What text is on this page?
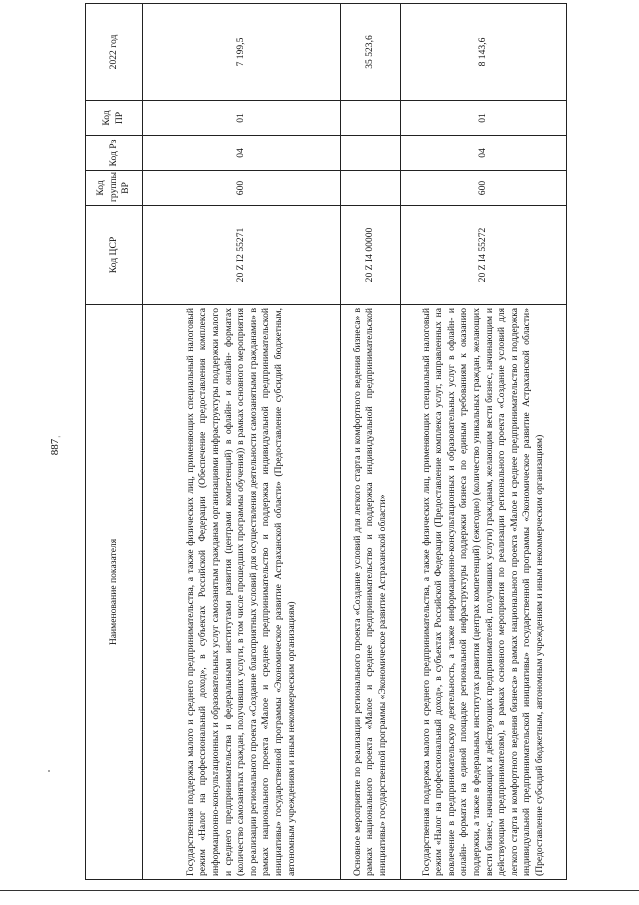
887
-
Наименование показателя	Код ЦСР	Код группы ВР	Код Рз	Код ПР	2022 год
Государственная поддержка малого и среднего предпринимательства, а также физических лиц, применяющих специальный налоговый режим «Налог на профессиональный доход», в субъектах Российской Федерации (Обеспечение предоставления комплекса информационно-консультационных и образовательных услуг самозанятым гражданам организациями инфраструктуры поддержки малого и среднего предпринимательства и федеральными институтами развития (центрами компетенций) в офлайн- и онлайн- форматах (количество самозанятых граждан, получивших услуги, в том числе прошедших программы обучения)) в рамках основного мероприятия по реализации регионального проекта «Создание благоприятных условий для осуществления деятельности самозанятыми гражданами» в рамках национального проекта «Малое и среднее предпринимательство и поддержка индивидуальной предпринимательской инициативы» государственной программы «Экономическое развитие Астраханской области» (Предоставление субсидий бюджетным, автономным учреждениям и иным некоммерческим организациям)	20 Z I2 55271	600	04	01	7 199,5
Основное мероприятие по реализации регионального проекта «Создание условий для легкого старта и комфортного ведения бизнеса» в рамках национального проекта «Малое и среднее предпринимательство и поддержка индивидуальной предпринимательской инициативы» государственной программы «Экономическое развитие Астраханской области»	20 Z I4 00000				35 523,6
Государственная поддержка малого и среднего предпринимательства, а также физических лиц, применяющих специальный налоговый режим «Налог на профессиональный доход», в субъектах Российской Федерации (Предоставление комплекса услуг, направленных на вовлечение в предпринимательскую деятельность, а также информационно-консультационных и образовательных услуг в офлайн- и онлайн- форматах на единой площадке региональной инфраструктуры поддержки бизнеса по единым требованиям к оказанию поддержки, а также в федеральных институтах развития (центрах компетенций) (ежегодно) (количество уникальных граждан, желающих вести бизнес, начинающих и действующих предпринимателей, получивших услуги) гражданам, желающим вести бизнес, начинающим и действующим предпринимателям), в рамках основного мероприятия по реализации регионального проекта «Создание условий для легкого старта и комфортного ведения бизнеса» в рамках национального проекта «Малое и среднее предпринимательство и поддержка индивидуальной предпринимательской инициативы» государственной программы «Экономическое развитие Астраханской области» (Предоставление субсидий бюджетным, автономным учреждениям и иным некоммерческим организациям)	20 Z I4 55272	600	04	01	8 143,6
